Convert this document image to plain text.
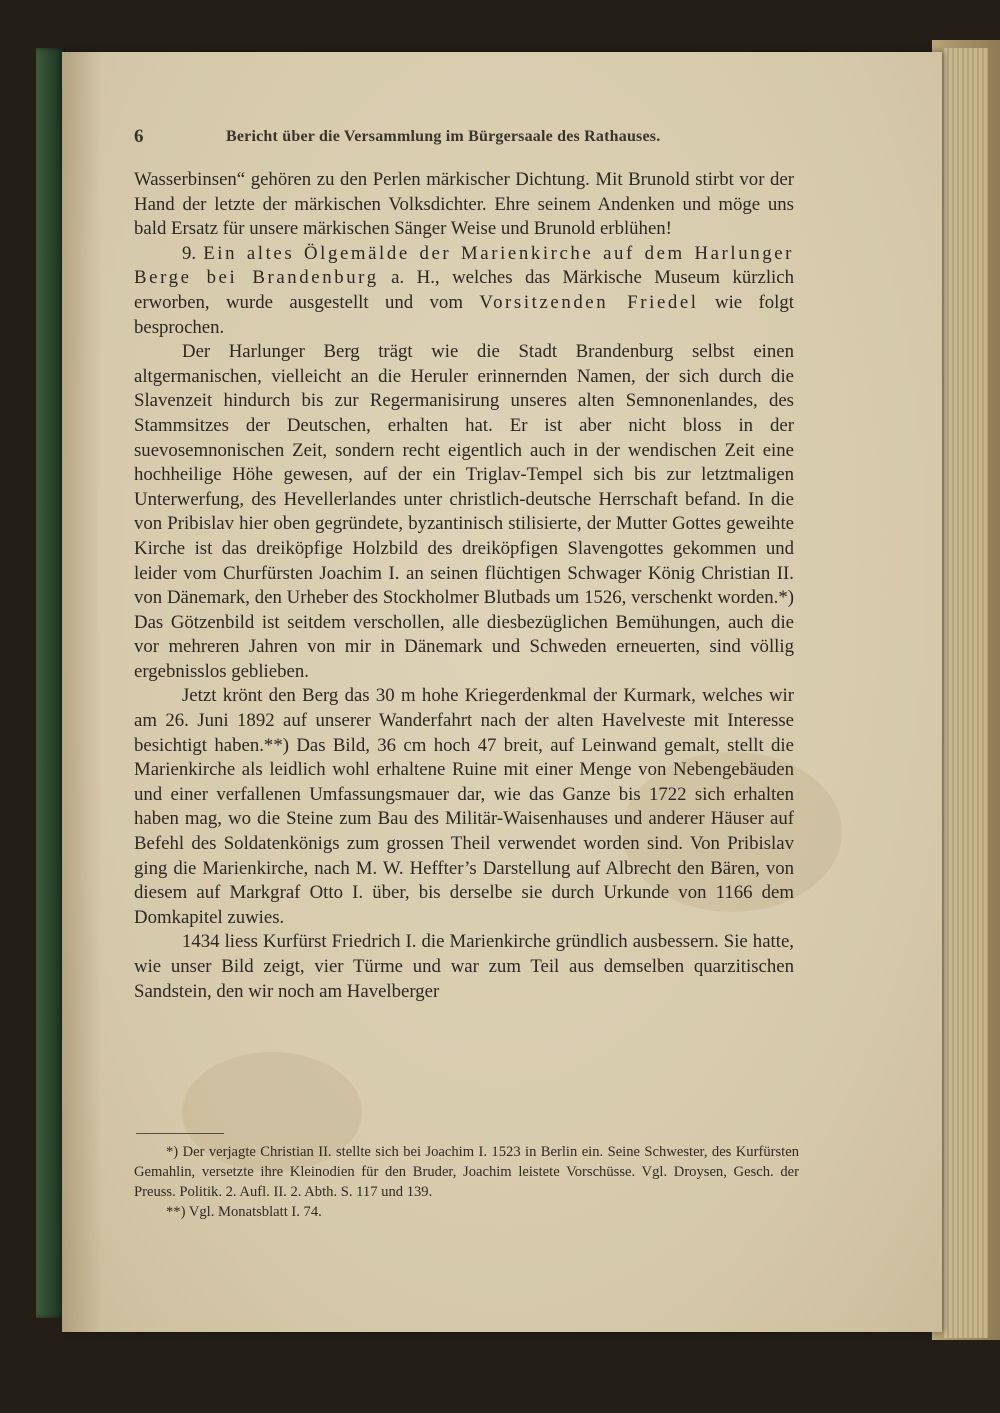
6	Bericht über die Versammlung im Bürgersaale des Rathauses.

Wasserbinsen“ gehören zu den Perlen märkischer Dichtung. Mit Brunold stirbt vor der Hand der letzte der märkischen Volksdichter. Ehre seinem Andenken und möge uns bald Ersatz für unsere märkischen Sänger Weise und Brunold erblühen!

9. Ein altes Ölgemälde der Marienkirche auf dem Harlunger Berge bei Brandenburg a. H., welches das Märkische Museum kürzlich erworben, wurde ausgestellt und vom Vorsitzenden Friedel wie folgt besprochen.

Der Harlunger Berg trägt wie die Stadt Brandenburg selbst einen altgermanischen, vielleicht an die Heruler erinnernden Namen, der sich durch die Slavenzeit hindurch bis zur Regermanisirung unseres alten Semnonenlandes, des Stammsitzes der Deutschen, erhalten hat. Er ist aber nicht bloss in der suevosemnonischen Zeit, sondern recht eigentlich auch in der wendischen Zeit eine hochheilige Höhe gewesen, auf der ein Triglav-Tempel sich bis zur letztmaligen Unterwerfung, des Hevellerlandes unter christlich-deutsche Herrschaft befand. In die von Pribislav hier oben gegründete, byzantinisch stilisierte, der Mutter Gottes geweihte Kirche ist das dreiköpfige Holzbild des dreiköpfigen Slavengottes gekommen und leider vom Churfürsten Joachim I. an seinen flüchtigen Schwager König Christian II. von Dänemark, den Urheber des Stockholmer Blutbads um 1526, verschenkt worden.*) Das Götzenbild ist seitdem verschollen, alle diesbezüglichen Bemühungen, auch die vor mehreren Jahren von mir in Dänemark und Schweden erneuerten, sind völlig ergebnisslos geblieben.

Jetzt krönt den Berg das 30 m hohe Kriegerdenkmal der Kurmark, welches wir am 26. Juni 1892 auf unserer Wanderfahrt nach der alten Havelveste mit Interesse besichtigt haben.**) Das Bild, 36 cm hoch 47 breit, auf Leinwand gemalt, stellt die Marienkirche als leidlich wohl erhaltene Ruine mit einer Menge von Nebengebäuden und einer verfallenen Umfassungsmauer dar, wie das Ganze bis 1722 sich erhalten haben mag, wo die Steine zum Bau des Militär-Waisenhauses und anderer Häuser auf Befehl des Soldatenkönigs zum grossen Theil verwendet worden sind. Von Pribislav ging die Marienkirche, nach M. W. Heffter’s Darstellung auf Albrecht den Bären, von diesem auf Markgraf Otto I. über, bis derselbe sie durch Urkunde von 1166 dem Domkapitel zuwies.

1434 liess Kurfürst Friedrich I. die Marienkirche gründlich ausbessern. Sie hatte, wie unser Bild zeigt, vier Türme und war zum Teil aus demselben quarzitischen Sandstein, den wir noch am Havelberger

*) Der verjagte Christian II. stellte sich bei Joachim I. 1523 in Berlin ein. Seine Schwester, des Kurfürsten Gemahlin, versetzte ihre Kleinodien für den Bruder, Joachim leistete Vorschüsse. Vgl. Droysen, Gesch. der Preuss. Politik. 2. Aufl. II. 2. Abth. S. 117 und 139.

**) Vgl. Monatsblatt I. 74.
